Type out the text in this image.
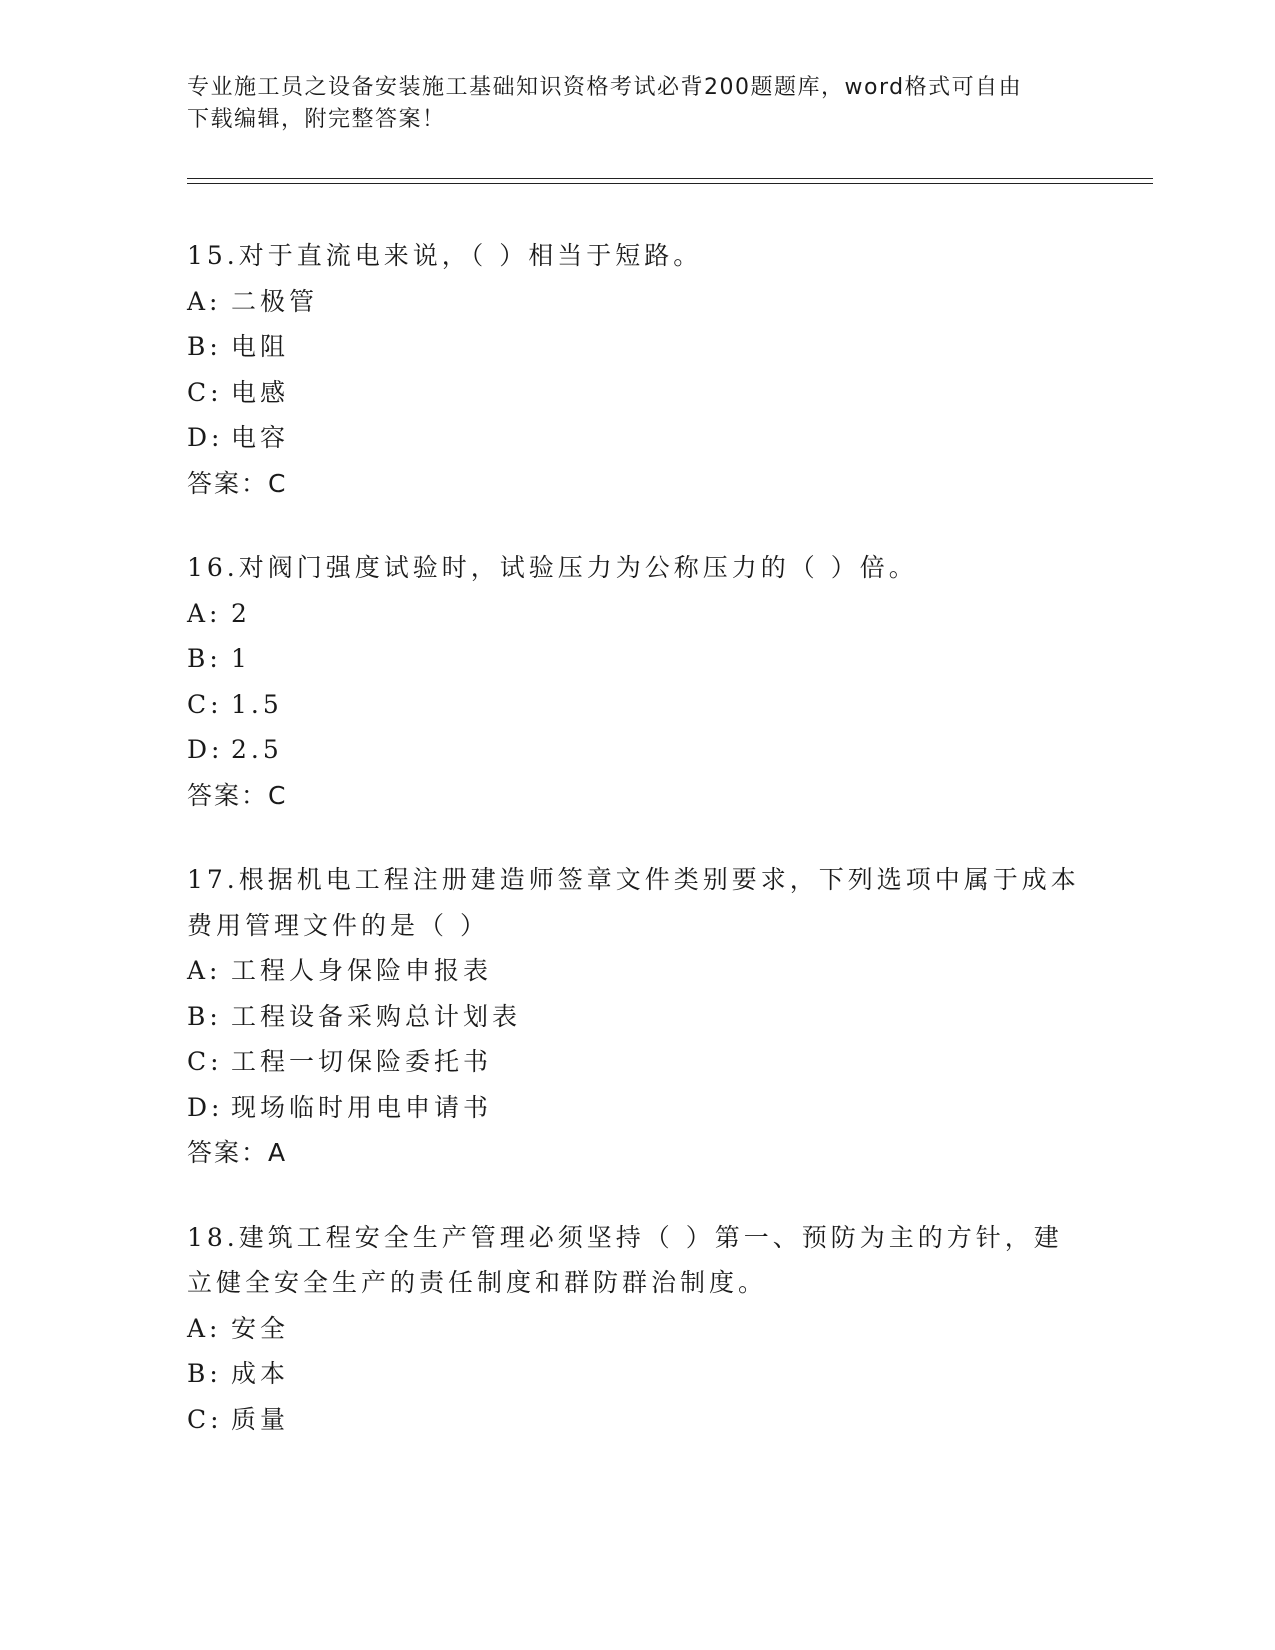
专业施工员之设备安装施工基础知识资格考试必背200题题库，word格式可自由
下载编辑，附完整答案！
15.对于直流电来说，（ ）相当于短路。
A: 二极管
B: 电阻
C: 电感
D: 电容
答案：C
16.对阀门强度试验时，试验压力为公称压力的（ ）倍。
A: 2
B: 1
C: 1.5
D: 2.5
答案：C
17.根据机电工程注册建造师签章文件类别要求，下列选项中属于成本
费用管理文件的是（ ）
A: 工程人身保险申报表
B: 工程设备采购总计划表
C: 工程一切保险委托书
D: 现场临时用电申请书
答案：A
18.建筑工程安全生产管理必须坚持（ ）第一、预防为主的方针，建
立健全安全生产的责任制度和群防群治制度。
A: 安全
B: 成本
C: 质量
